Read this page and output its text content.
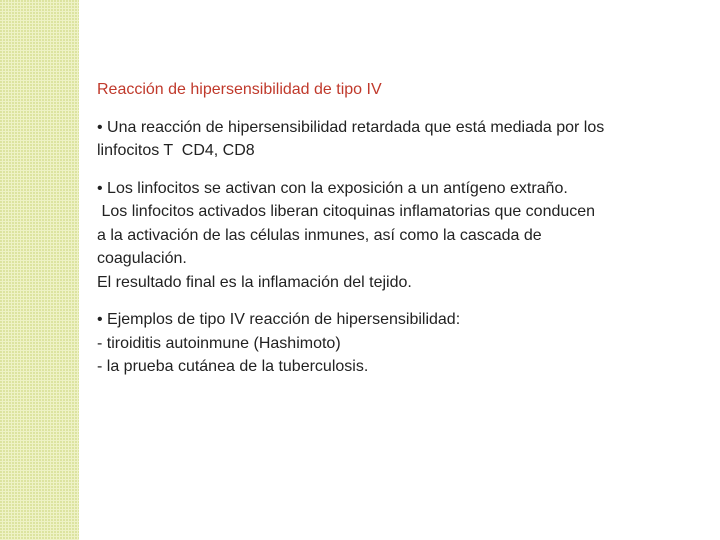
Reacción de hipersensibilidad de tipo IV
• Una reacción de hipersensibilidad retardada que está mediada por los
linfocitos T  CD4, CD8
• Los linfocitos se activan con la exposición a un antígeno extraño.
Los linfocitos activados liberan citoquinas inflamatorias que conducen
a la activación de las células inmunes, así como la cascada de
coagulación.
El resultado final es la inflamación del tejido.
• Ejemplos de tipo IV reacción de hipersensibilidad:
- tiroiditis autoinmune (Hashimoto)
- la prueba cutánea de la tuberculosis.
